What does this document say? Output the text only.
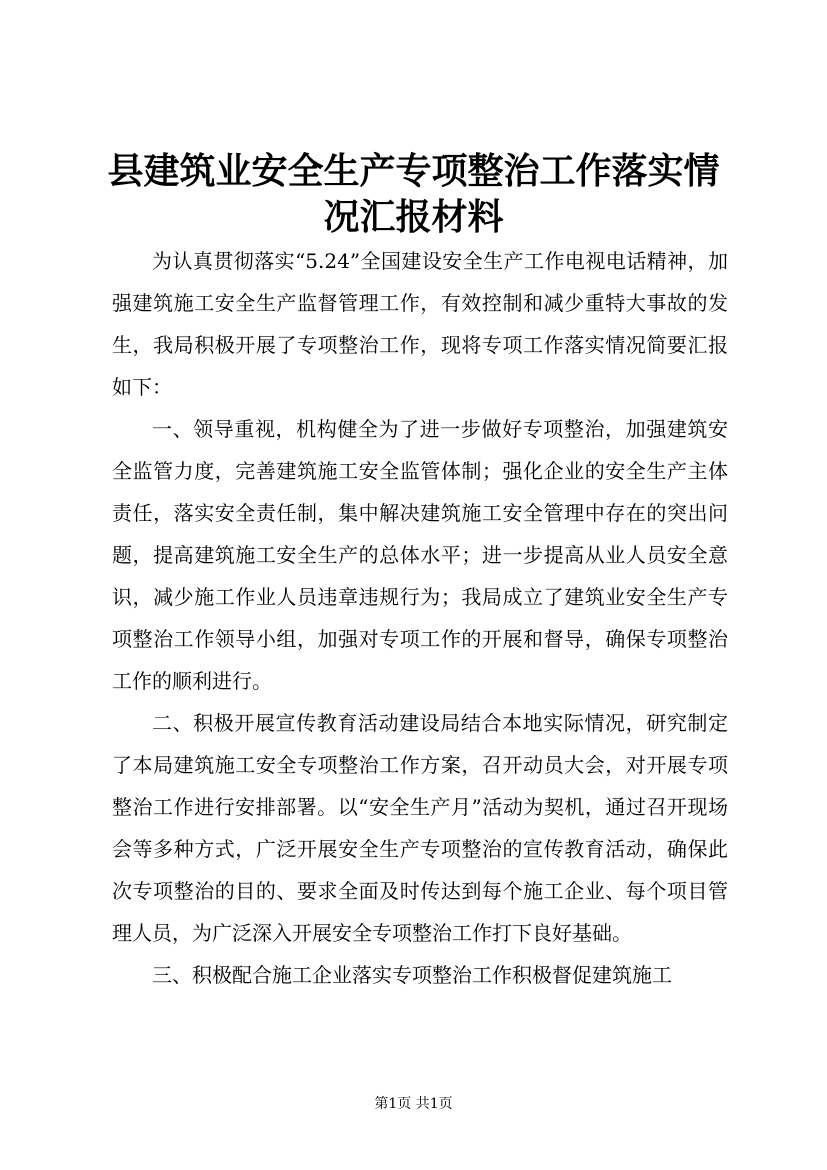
县建筑业安全生产专项整治工作落实情况汇报材料

为认真贯彻落实“5.24”全国建设安全生产工作电视电话精神，加强建筑施工安全生产监督管理工作，有效控制和减少重特大事故的发生，我局积极开展了专项整治工作，现将专项工作落实情况简要汇报如下：

一、领导重视，机构健全为了进一步做好专项整治，加强建筑安全监管力度，完善建筑施工安全监管体制；强化企业的安全生产主体责任，落实安全责任制，集中解决建筑施工安全管理中存在的突出问题，提高建筑施工安全生产的总体水平；进一步提高从业人员安全意识，减少施工作业人员违章违规行为；我局成立了建筑业安全生产专项整治工作领导小组，加强对专项工作的开展和督导，确保专项整治工作的顺利进行。

二、积极开展宣传教育活动建设局结合本地实际情况，研究制定了本局建筑施工安全专项整治工作方案，召开动员大会，对开展专项整治工作进行安排部署。以“安全生产月”活动为契机，通过召开现场会等多种方式，广泛开展安全生产专项整治的宣传教育活动，确保此次专项整治的目的、要求全面及时传达到每个施工企业、每个项目管理人员，为广泛深入开展安全专项整治工作打下良好基础。

三、积极配合施工企业落实专项整治工作积极督促建筑施工

第1页 共1页
